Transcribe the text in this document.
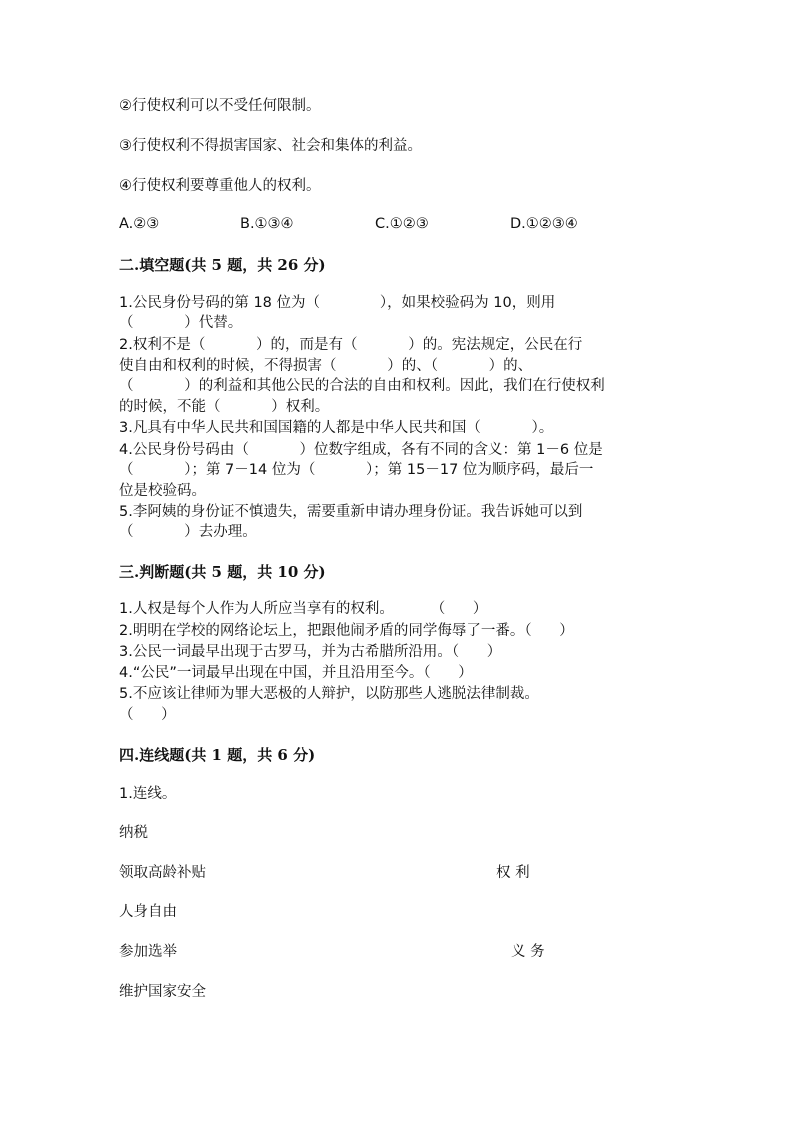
②行使权利可以不受任何限制。
③行使权利不得损害国家、社会和集体的利益。
④行使权利要尊重他人的权利。
A.②③	B.①③④	C.①②③	D.①②③④
二.填空题(共 5 题，共 26 分)
1.公民身份号码的第 18 位为（             ），如果校验码为 10，则用
（           ）代替。
2.权利不是（           ）的，而是有（           ）的。宪法规定，公民在行
使自由和权利的时候，不得损害（           ）的、（           ）的、
（           ）的利益和其他公民的合法的自由和权利。因此，我们在行使权利
的时候，不能（           ）权利。
3.凡具有中华人民共和国国籍的人都是中华人民共和国（           ）。
4.公民身份号码由（           ）位数字组成，各有不同的含义：第 1－6 位是
（           ）；第 7－14 位为（           ）；第 15－17 位为顺序码，最后一
位是校验码。
5.李阿姨的身份证不慎遗失，需要重新申请办理身份证。我告诉她可以到
（           ）去办理。
三.判断题(共 5 题，共 10 分)
1.人权是每个人作为人所应当享有的权利。        （      ）
2.明明在学校的网络论坛上，把跟他闹矛盾的同学侮辱了一番。（      ）
3.公民一词最早出现于古罗马，并为古希腊所沿用。（      ）
4.“公民”一词最早出现在中国，并且沿用至今。（      ）
5.不应该让律师为罪大恶极的人辩护，以防那些人逃脱法律制裁。
（      ）
四.连线题(共 1 题，共 6 分)
1.连线。
纳税
领取高龄补贴
人身自由
参加选举
维护国家安全
权 利
义 务
